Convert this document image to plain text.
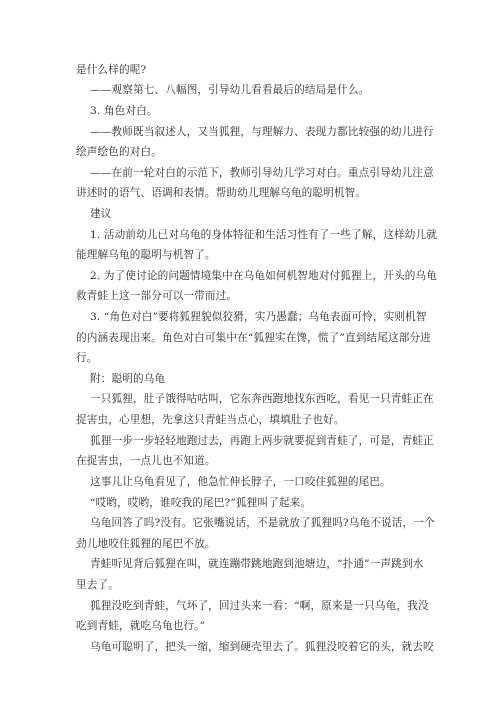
是什么样的呢?
——观察第七、八幅图，引导幼儿看看最后的结局是什么。
3. 角色对白。
——教师既当叙述人，又当狐狸，与理解力、表现力都比较强的幼儿进行
绘声绘色的对白。
——在前一轮对白的示范下，教师引导幼儿学习对白。重点引导幼儿注意
讲述时的语气、语调和表情。帮助幼儿理解乌龟的聪明机智。
建议
1. 活动前幼儿已对乌龟的身体特征和生活习性有了一些了解，这样幼儿就
能理解乌龟的聪明与机智了。
2. 为了使讨论的问题情境集中在乌龟如何机智地对付狐狸上，开头的乌龟
救青蛙上这一部分可以一带而过。
3. “角色对白”要将狐狸貌似狡猾，实乃愚蠢；乌龟表面可怜，实则机智
的内涵表现出来。角色对白可集中在“狐狸实在馋，慌了”直到结尾这部分进
行。
附：聪明的乌龟
一只狐狸，肚子饿得咕咕叫，它东奔西跑地找东西吃，看见一只青蛙正在
捉害虫，心里想，先拿这只青蛙当点心，填填肚子也好。
狐狸一步一步轻轻地跑过去，再跑上两步就要捉到青蛙了，可是，青蛙正
在捉害虫，一点儿也不知道。
这事儿让乌龟看见了，他急忙伸长脖子，一口咬住狐狸的尾巴。
“哎哟，哎哟，谁咬我的尾巴?”狐狸叫了起来。
乌龟回答了吗?没有。它张嘴说话，不是就放了狐狸吗?乌龟不说话，一个
劲儿地咬住狐狸的尾巴不放。
青蛙听见背后狐狸在叫，就连蹦带跳地跑到池塘边，“扑通”一声跳到水
里去了。
狐狸没吃到青蛙，气坏了，回过头来一看：“啊，原来是一只乌龟，我没
吃到青蛙，就吃乌龟也行。”
乌龟可聪明了，把头一缩，缩到硬壳里去了。狐狸没咬着它的头，就去咬
